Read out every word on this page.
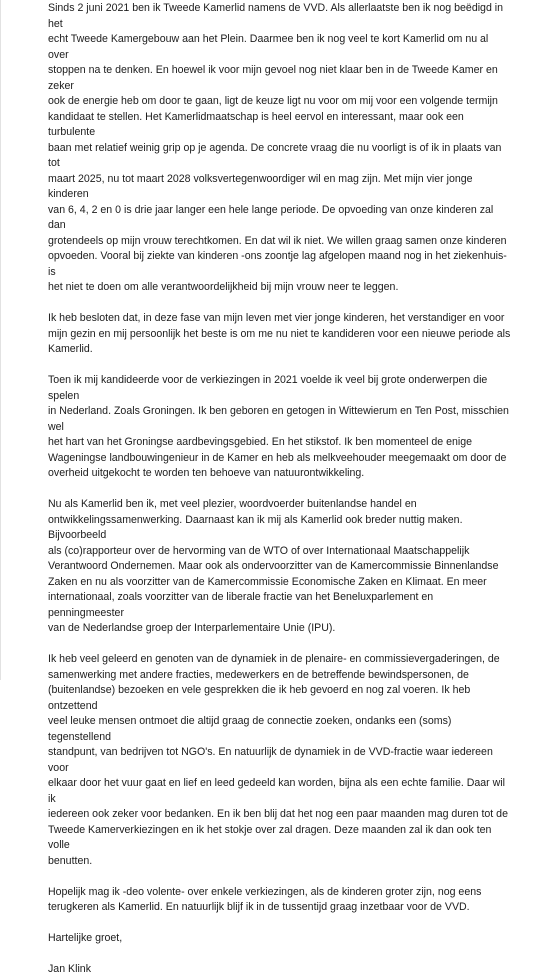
Sinds 2 juni 2021 ben ik Tweede Kamerlid namens de VVD. Als allerlaatste ben ik nog beëdigd in het
echt Tweede Kamergebouw aan het Plein. Daarmee ben ik nog veel te kort Kamerlid om nu al over
stoppen na te denken. En hoewel ik voor mijn gevoel nog niet klaar ben in de Tweede Kamer en zeker
ook de energie heb om door te gaan, ligt de keuze ligt nu voor om mij voor een volgende termijn
kandidaat te stellen. Het Kamerlidmaatschap is heel eervol en interessant, maar ook een turbulente
baan met relatief weinig grip op je agenda. De concrete vraag die nu voorligt is of ik in plaats van tot
maart 2025, nu tot maart 2028 volksvertegenwoordiger wil en mag zijn. Met mijn vier jonge kinderen
van 6, 4, 2 en 0 is drie jaar langer een hele lange periode. De opvoeding van onze kinderen zal dan
grotendeels op mijn vrouw terechtkomen. En dat wil ik niet. We willen graag samen onze kinderen
opvoeden. Vooral bij ziekte van kinderen -ons zoontje lag afgelopen maand nog in het ziekenhuis- is
het niet te doen om alle verantwoordelijkheid bij mijn vrouw neer te leggen.

Ik heb besloten dat, in deze fase van mijn leven met vier jonge kinderen, het verstandiger en voor
mijn gezin en mij persoonlijk het beste is om me nu niet te kandideren voor een nieuwe periode als
Kamerlid.

Toen ik mij kandideerde voor de verkiezingen in 2021 voelde ik veel bij grote onderwerpen die spelen
in Nederland. Zoals Groningen. Ik ben geboren en getogen in Wittewierum en Ten Post, misschien wel
het hart van het Groningse aardbevingsgebied. En het stikstof. Ik ben momenteel de enige
Wageningse landbouwingenieur in de Kamer en heb als melkveehouder meegemaakt om door de
overheid uitgekocht te worden ten behoeve van natuurontwikkeling.

Nu als Kamerlid ben ik, met veel plezier, woordvoerder buitenlandse handel en
ontwikkelingssamenwerking. Daarnaast kan ik mij als Kamerlid ook breder nuttig maken. Bijvoorbeeld
als (co)rapporteur over de hervorming van de WTO of over Internationaal Maatschappelijk
Verantwoord Ondernemen. Maar ook als ondervoorzitter van de Kamercommissie Binnenlandse
Zaken en nu als voorzitter van de Kamercommissie Economische Zaken en Klimaat. En meer
internationaal, zoals voorzitter van de liberale fractie van het Beneluxparlement en penningmeester
van de Nederlandse groep der Interparlementaire Unie (IPU).

Ik heb veel geleerd en genoten van de dynamiek in de plenaire- en commissievergaderingen, de
samenwerking met andere fracties, medewerkers en de betreffende bewindspersonen, de
(buitenlandse) bezoeken en vele gesprekken die ik heb gevoerd en nog zal voeren. Ik heb ontzettend
veel leuke mensen ontmoet die altijd graag de connectie zoeken, ondanks een (soms) tegenstellend
standpunt, van bedrijven tot NGO's. En natuurlijk de dynamiek in de VVD-fractie waar iedereen voor
elkaar door het vuur gaat en lief en leed gedeeld kan worden, bijna als een echte familie. Daar wil ik
iedereen ook zeker voor bedanken. En ik ben blij dat het nog een paar maanden mag duren tot de
Tweede Kamerverkiezingen en ik het stokje over zal dragen. Deze maanden zal ik dan ook ten volle
benutten.

Hopelijk mag ik -deo volente- over enkele verkiezingen, als de kinderen groter zijn, nog eens
terugkeren als Kamerlid. En natuurlijk blijf ik in de tussentijd graag inzetbaar voor de VVD.

Hartelijke groet,

Jan Klink
